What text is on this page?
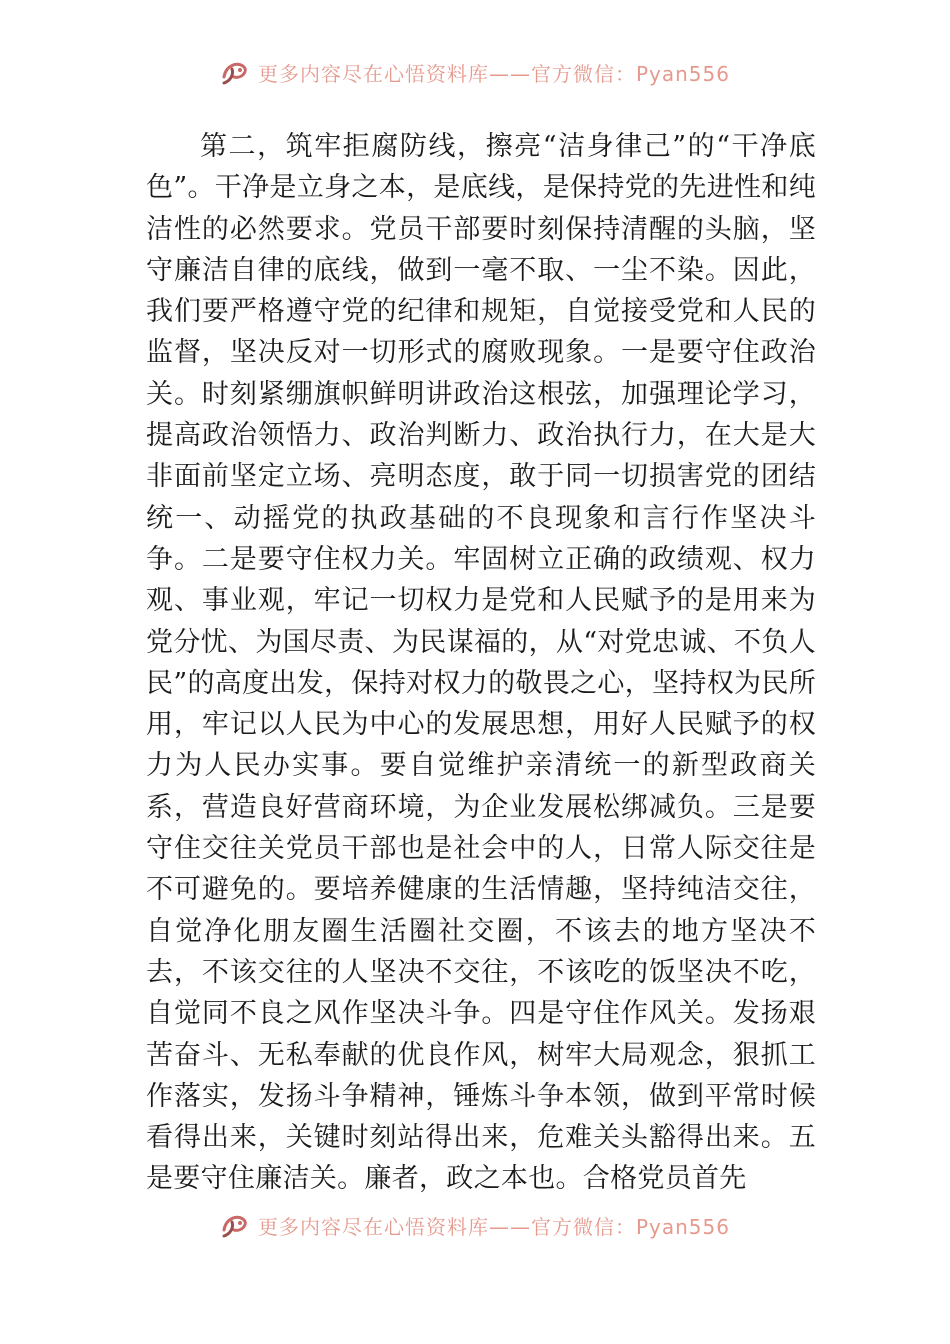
更多内容尽在心悟资料库——官方微信：Pyan556

第二，筑牢拒腐防线，擦亮“洁身律己”的“干净底色”。干净是立身之本，是底线，是保持党的先进性和纯洁性的必然要求。党员干部要时刻保持清醒的头脑，坚守廉洁自律的底线，做到一毫不取、一尘不染。因此，我们要严格遵守党的纪律和规矩，自觉接受党和人民的监督，坚决反对一切形式的腐败现象。一是要守住政治关。时刻紧绷旗帜鲜明讲政治这根弦，加强理论学习，提高政治领悟力、政治判断力、政治执行力，在大是大非面前坚定立场、亮明态度，敢于同一切损害党的团结统一、动摇党的执政基础的不良现象和言行作坚决斗争。二是要守住权力关。牢固树立正确的政绩观、权力观、事业观，牢记一切权力是党和人民赋予的是用来为党分忧、为国尽责、为民谋福的，从“对党忠诚、不负人民”的高度出发，保持对权力的敬畏之心，坚持权为民所用，牢记以人民为中心的发展思想，用好人民赋予的权力为人民办实事。要自觉维护亲清统一的新型政商关系，营造良好营商环境，为企业发展松绑减负。三是要守住交往关党员干部也是社会中的人，日常人际交往是不可避免的。要培养健康的生活情趣，坚持纯洁交往，自觉净化朋友圈生活圈社交圈，不该去的地方坚决不去，不该交往的人坚决不交往，不该吃的饭坚决不吃，自觉同不良之风作坚决斗争。四是守住作风关。发扬艰苦奋斗、无私奉献的优良作风，树牢大局观念，狠抓工作落实，发扬斗争精神，锤炼斗争本领，做到平常时候看得出来，关键时刻站得出来，危难关头豁得出来。五是要守住廉洁关。廉者，政之本也。合格党员首先

更多内容尽在心悟资料库——官方微信：Pyan556
